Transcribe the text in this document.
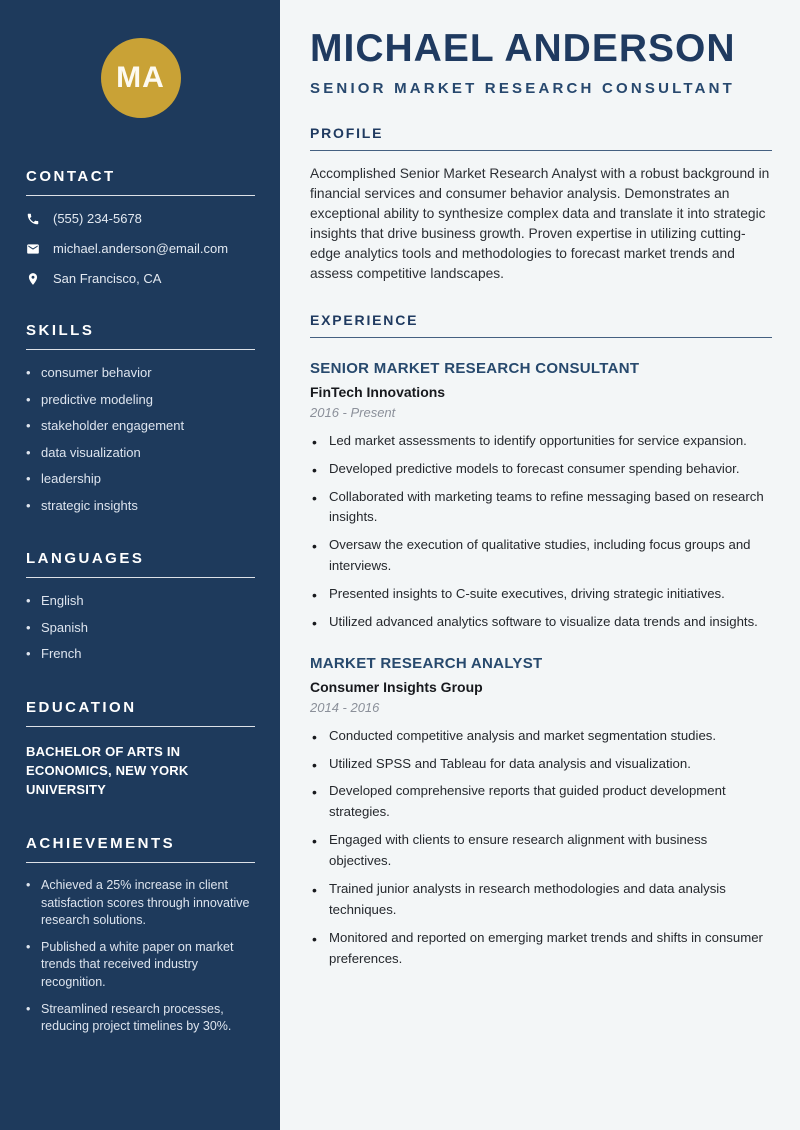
MA
CONTACT
(555) 234-5678
michael.anderson@email.com
San Francisco, CA
SKILLS
• consumer behavior
• predictive modeling
• stakeholder engagement
• data visualization
• leadership
• strategic insights
LANGUAGES
• English
• Spanish
• French
EDUCATION
BACHELOR OF ARTS IN ECONOMICS, NEW YORK UNIVERSITY
ACHIEVEMENTS
• Achieved a 25% increase in client satisfaction scores through innovative research solutions.
• Published a white paper on market trends that received industry recognition.
• Streamlined research processes, reducing project timelines by 30%.
MICHAEL ANDERSON
SENIOR MARKET RESEARCH CONSULTANT
PROFILE

Accomplished Senior Market Research Analyst with a robust background in financial services and consumer behavior analysis. Demonstrates an exceptional ability to synthesize complex data and translate it into strategic insights that drive business growth. Proven expertise in utilizing cutting-edge analytics tools and methodologies to forecast market trends and assess competitive landscapes.

EXPERIENCE
SENIOR MARKET RESEARCH CONSULTANT
FinTech Innovations
2016 - Present
• Led market assessments to identify opportunities for service expansion.
• Developed predictive models to forecast consumer spending behavior.
• Collaborated with marketing teams to refine messaging based on research insights.
• Oversaw the execution of qualitative studies, including focus groups and interviews.
• Presented insights to C-suite executives, driving strategic initiatives.
• Utilized advanced analytics software to visualize data trends and insights.
MARKET RESEARCH ANALYST
Consumer Insights Group
2014 - 2016
• Conducted competitive analysis and market segmentation studies.
• Utilized SPSS and Tableau for data analysis and visualization.
• Developed comprehensive reports that guided product development strategies.
• Engaged with clients to ensure research alignment with business objectives.
• Trained junior analysts in research methodologies and data analysis techniques.
• Monitored and reported on emerging market trends and shifts in consumer preferences.
